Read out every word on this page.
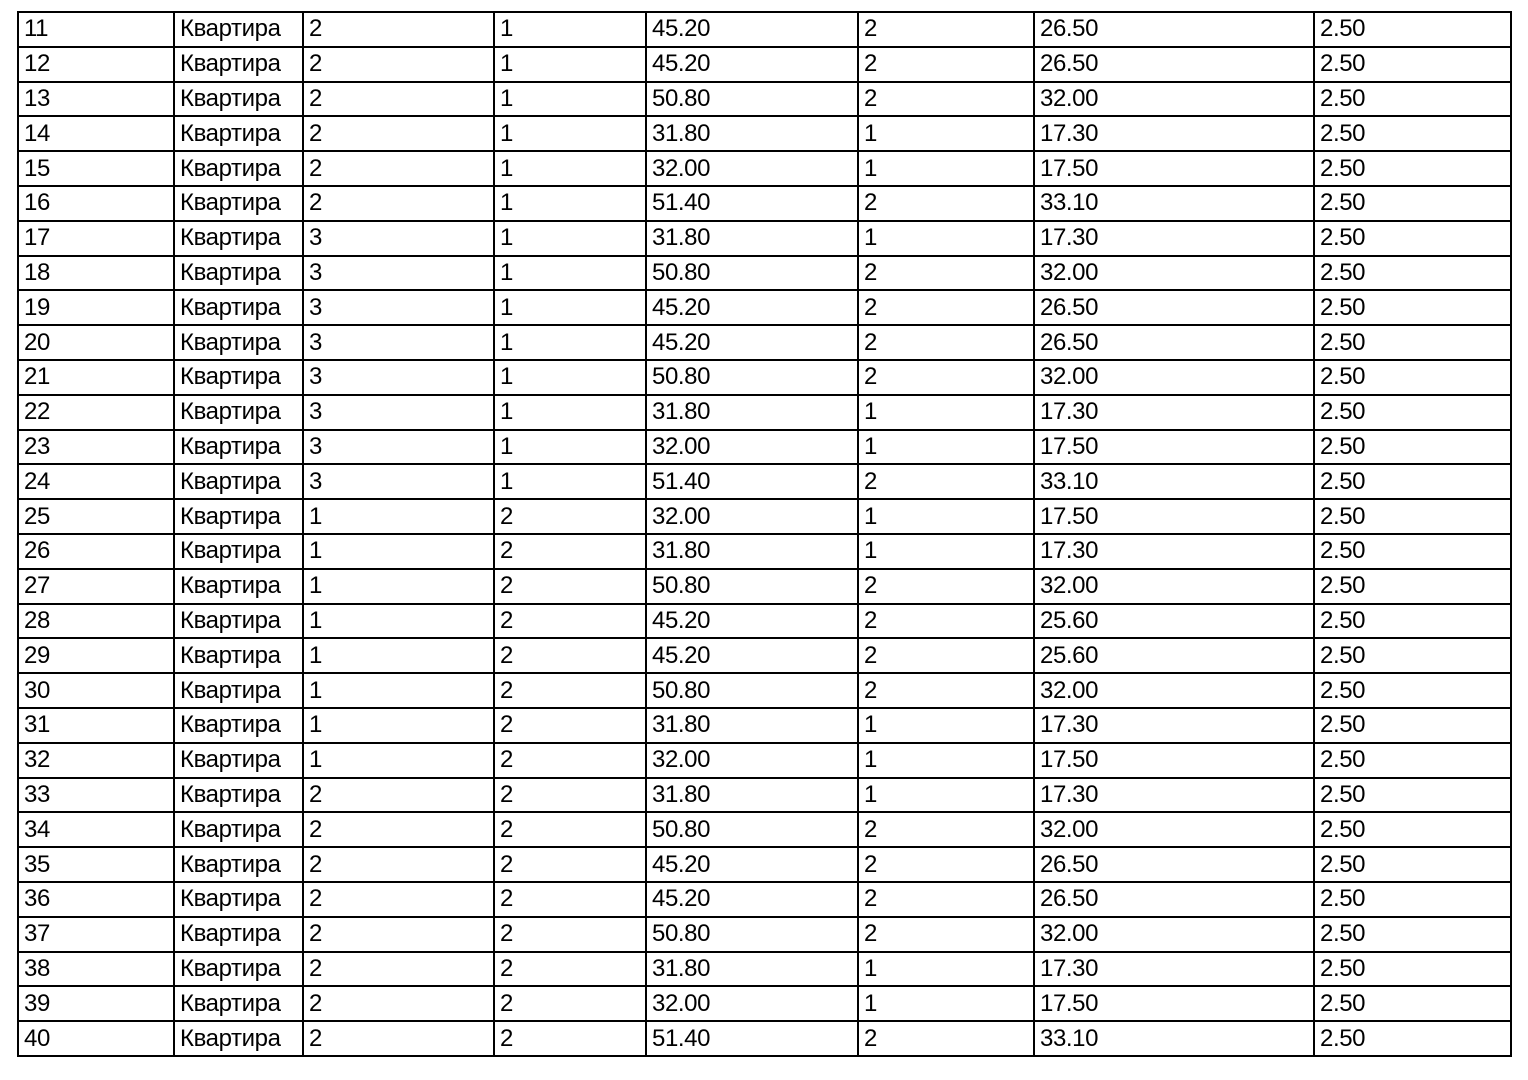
11	Квартира	2	1	45.20	2	26.50	2.50
12	Квартира	2	1	45.20	2	26.50	2.50
13	Квартира	2	1	50.80	2	32.00	2.50
14	Квартира	2	1	31.80	1	17.30	2.50
15	Квартира	2	1	32.00	1	17.50	2.50
16	Квартира	2	1	51.40	2	33.10	2.50
17	Квартира	3	1	31.80	1	17.30	2.50
18	Квартира	3	1	50.80	2	32.00	2.50
19	Квартира	3	1	45.20	2	26.50	2.50
20	Квартира	3	1	45.20	2	26.50	2.50
21	Квартира	3	1	50.80	2	32.00	2.50
22	Квартира	3	1	31.80	1	17.30	2.50
23	Квартира	3	1	32.00	1	17.50	2.50
24	Квартира	3	1	51.40	2	33.10	2.50
25	Квартира	1	2	32.00	1	17.50	2.50
26	Квартира	1	2	31.80	1	17.30	2.50
27	Квартира	1	2	50.80	2	32.00	2.50
28	Квартира	1	2	45.20	2	25.60	2.50
29	Квартира	1	2	45.20	2	25.60	2.50
30	Квартира	1	2	50.80	2	32.00	2.50
31	Квартира	1	2	31.80	1	17.30	2.50
32	Квартира	1	2	32.00	1	17.50	2.50
33	Квартира	2	2	31.80	1	17.30	2.50
34	Квартира	2	2	50.80	2	32.00	2.50
35	Квартира	2	2	45.20	2	26.50	2.50
36	Квартира	2	2	45.20	2	26.50	2.50
37	Квартира	2	2	50.80	2	32.00	2.50
38	Квартира	2	2	31.80	1	17.30	2.50
39	Квартира	2	2	32.00	1	17.50	2.50
40	Квартира	2	2	51.40	2	33.10	2.50
